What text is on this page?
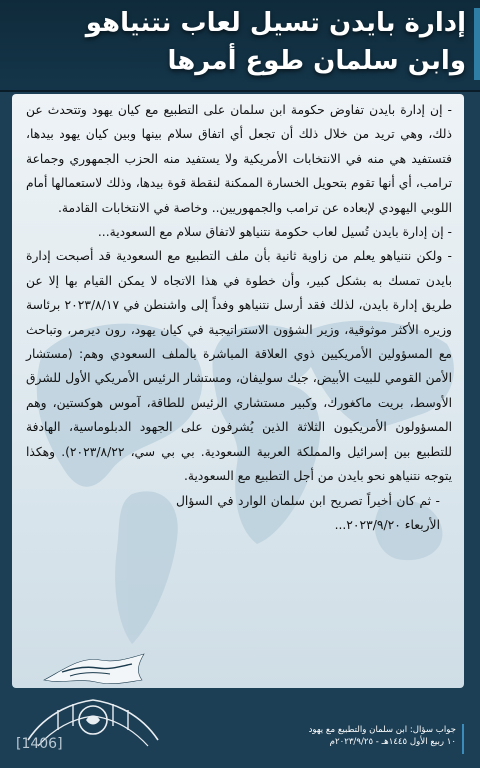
إدارة بايدن تسيل لعاب نتنياهو
وابن سلمان طوع أمرها

- إن إدارة بايدن تفاوض حكومة ابن سلمان على التطبيع مع كيان يهود وتتحدث عن ذلك، وهي تريد من خلال ذلك أن تجعل أي اتفاق سلام بينها وبين كيان يهود بيدها، فتستفيد هي منه في الانتخابات الأمريكية ولا يستفيد منه الحزب الجمهوري وجماعة ترامب، أي أنها تقوم بتحويل الخسارة الممكنة لنقطة قوة بيدها، وذلك لاستعمالها أمام اللوبي اليهودي لإبعاده عن ترامب والجمهوريين.. وخاصة في الانتخابات القادمة.

- إن إدارة بايدن تُسيل لعاب حكومة نتنياهو لاتفاق سلام مع السعودية...

- ولكن نتنياهو يعلم من زاوية ثانية بأن ملف التطبيع مع السعودية قد أصبحت إدارة بايدن تمسك به بشكل كبير، وأن خطوة في هذا الاتجاه لا يمكن القيام بها إلا عن طريق إدارة بايدن، لذلك فقد أرسل نتنياهو وفداً إلى واشنطن في ٢٠٢٣/٨/١٧ برئاسة وزيره الأكثر موثوقية، وزير الشؤون الاستراتيجية في كيان يهود، رون ديرمر، وتباحث مع المسؤولين الأمريكيين ذوي العلاقة المباشرة بالملف السعودي وهم: (مستشار الأمن القومي للبيت الأبيض، جيك سوليفان، ومستشار الرئيس الأمريكي الأول للشرق الأوسط، بريت ماكغورك، وكبير مستشاري الرئيس للطاقة، آموس هوكستين، وهم المسؤولون الأمريكيون الثلاثة الذين يُشرفون على الجهود الدبلوماسية، الهادفة للتطبيع بين إسرائيل والمملكة العربية السعودية. بي بي سي، ٢٠٢٣/٨/٢٢). وهكذا يتوجه نتنياهو نحو بايدن من أجل التطبيع مع السعودية.

- ثم كان أخيراً تصريح ابن سلمان الوارد في السؤال الأربعاء ٢٠٢٣/٩/٢٠...

جواب سؤال: ابن سلمان والتطبيع مع يهود
١٠ ربيع الأول ١٤٤٥هـ - ٢٠٢٣/٩/٢٥م
[1406]
